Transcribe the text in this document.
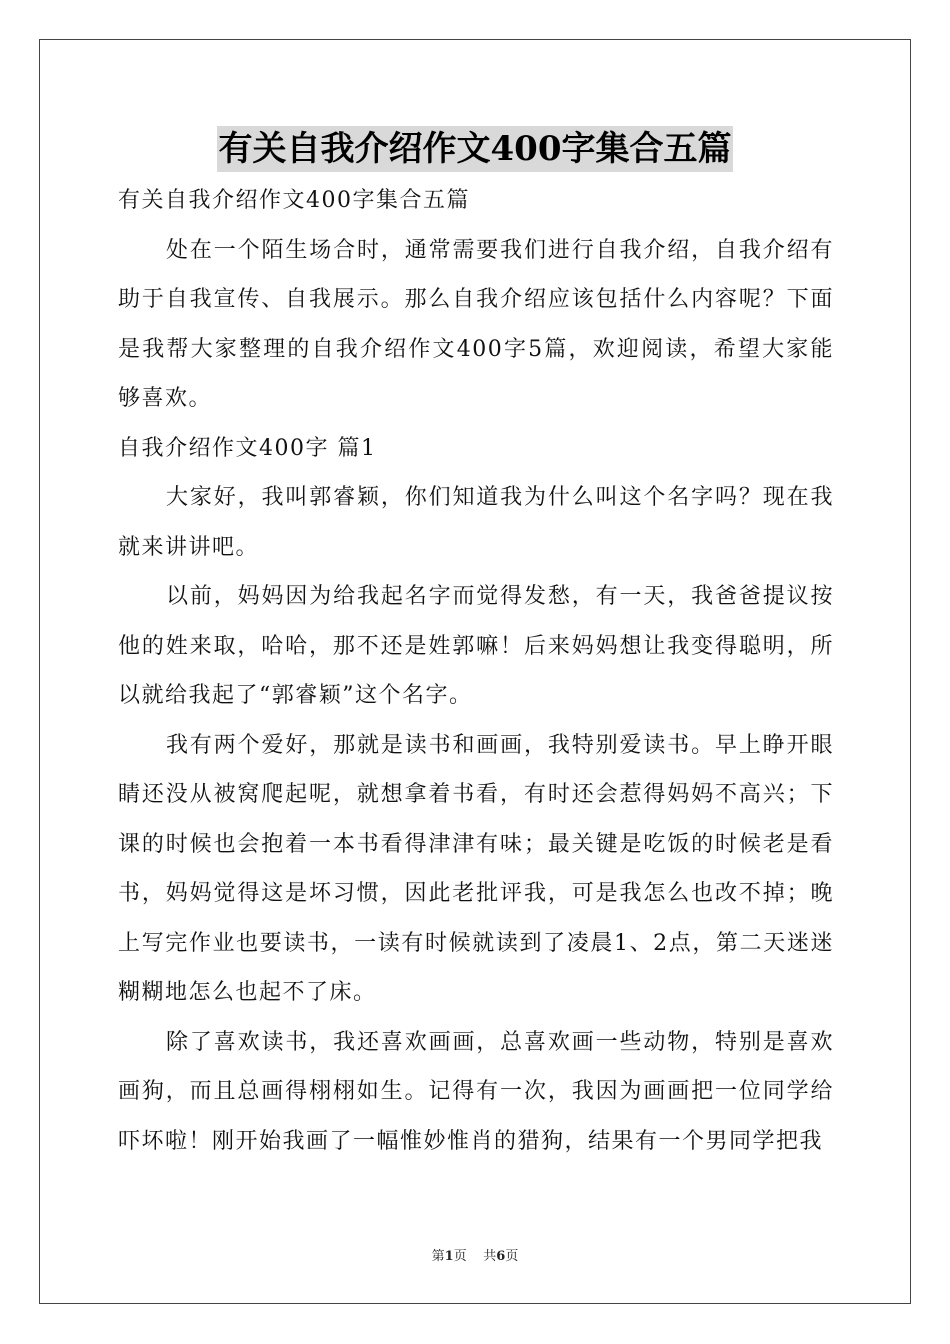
有关自我介绍作文400字集合五篇

有关自我介绍作文400字集合五篇

处在一个陌生场合时，通常需要我们进行自我介绍，自我介绍有助于自我宣传、自我展示。那么自我介绍应该包括什么内容呢？下面是我帮大家整理的自我介绍作文400字5篇，欢迎阅读，希望大家能够喜欢。

自我介绍作文400字 篇1

大家好，我叫郭睿颖，你们知道我为什么叫这个名字吗？现在我就来讲讲吧。

以前，妈妈因为给我起名字而觉得发愁，有一天，我爸爸提议按他的姓来取，哈哈，那不还是姓郭嘛！后来妈妈想让我变得聪明，所以就给我起了“郭睿颖”这个名字。

我有两个爱好，那就是读书和画画，我特别爱读书。早上睁开眼睛还没从被窝爬起呢，就想拿着书看，有时还会惹得妈妈不高兴；下课的时候也会抱着一本书看得津津有味；最关键是吃饭的时候老是看书，妈妈觉得这是坏习惯，因此老批评我，可是我怎么也改不掉；晚上写完作业也要读书，一读有时候就读到了凌晨1、2点，第二天迷迷糊糊地怎么也起不了床。

除了喜欢读书，我还喜欢画画，总喜欢画一些动物，特别是喜欢画狗，而且总画得栩栩如生。记得有一次，我因为画画把一位同学给吓坏啦！刚开始我画了一幅惟妙惟肖的猎狗，结果有一个男同学把我

第1页 共6页
